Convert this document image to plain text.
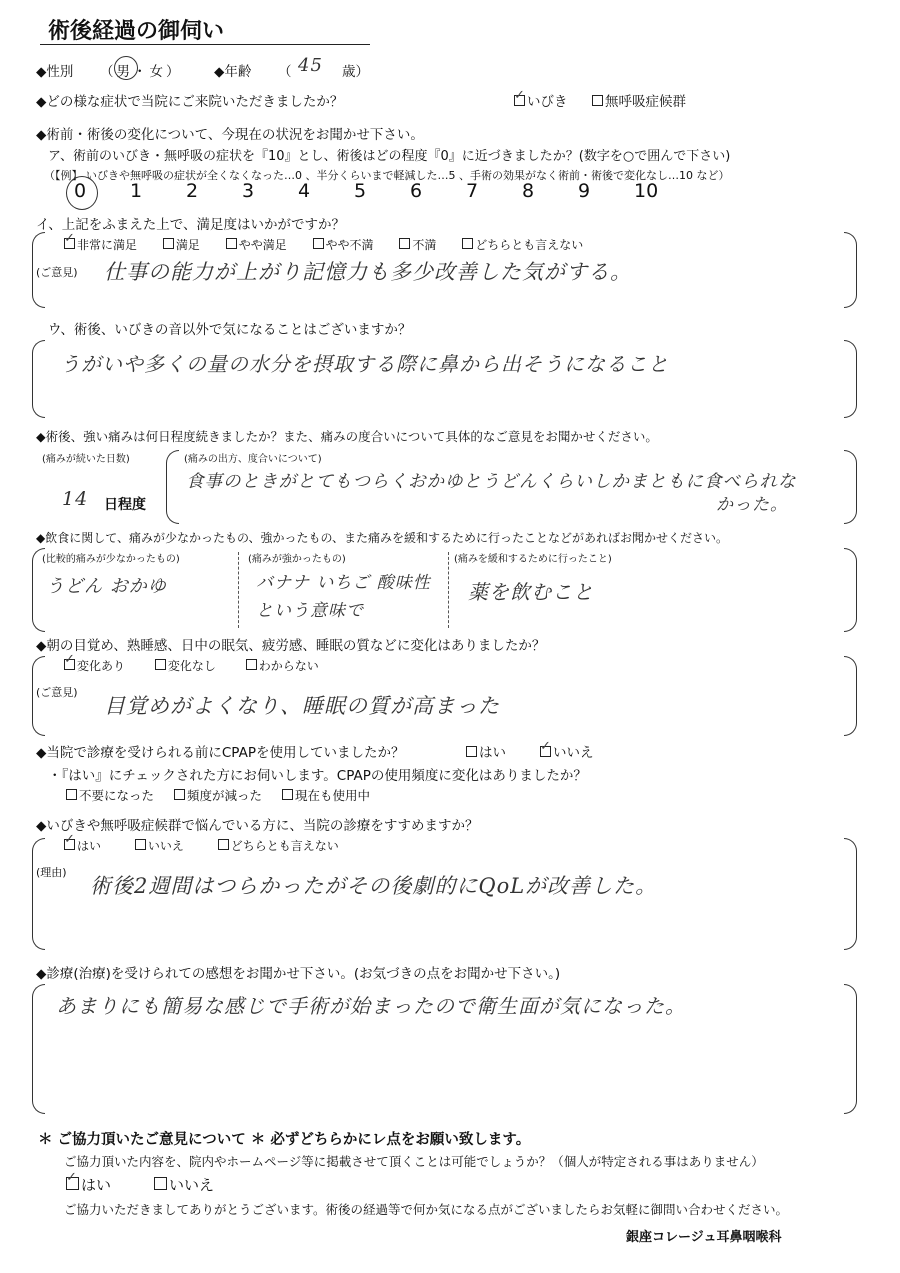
術後経過の御伺い
◆性別 （男・女） ◆年齢 （ 45 歳）
◆どの様な症状で当院にご来院いただきましたか？ ✓	いびき	無呼吸症候群
◆術前・術後の変化について、今現在の状況をお聞かせ下さい。
ア、術前のいびき・無呼吸の症状を『10』とし、術後はどの程度『0』に近づきましたか？(数字を○で囲んで下さい)
（【例】 いびきや無呼吸の症状が全くなくなった…0 、半分くらいまで軽減した…5 、手術の効果がなく術前・術後で変化なし…10 など）
0 1 2 3 4 5 6 7 8 9 10
イ、上記をふまえた上で、満足度はいかがですか？
✓非常に満足	満足	やや満足	やや不満	不満	どちらとも言えない
(ご意見) 仕事の能力が上がり記憶力も多少改善した気がする。
ウ、術後、いびきの音以外で気になることはございますか？
うがいや多くの量の水分を摂取する際に鼻から出そうになること
◆術後、強い痛みは何日程度続きましたか？また、痛みの度合いについて具体的なご意見をお聞かせください。
(痛みが続いた日数)
14 日程度
(痛みの出方、度合いについて)
食事のときがとてもつらくおかゆとうどんくらいしかまともに食べられな
かった。
◆飲食に関して、痛みが少なかったもの、強かったもの、また痛みを緩和するために行ったことなどがあればお聞かせください。
(比較的痛みが少なかったもの)
うどん おかゆ
(痛みが強かったもの)
バナナ いちご 酸味性
という意味で
(痛みを緩和するために行ったこと)
薬を飲むこと
◆朝の目覚め、熟睡感、日中の眠気、疲労感、睡眠の質などに変化はありましたか？
✓変化あり	変化なし	わからない
(ご意見)
目覚めがよくなり、睡眠の質が高まった
◆当院で診療を受けられる前にCPAPを使用していましたか？	はい ✓	いいえ
・『はい』にチェックされた方にお伺いします。CPAPの使用頻度に変化はありましたか？
不要になった	頻度が減った	現在も使用中
◆いびきや無呼吸症候群で悩んでいる方に、当院の診療をすすめますか？
✓はい	いいえ	どちらとも言えない
(理由)
術後2週間はつらかったがその後劇的にQoLが改善した。
◆診療(治療)を受けられての感想をお聞かせ下さい。(お気づきの点をお聞かせ下さい。)
あまりにも簡易な感じで手術が始まったので衛生面が気になった。
＊ ご協力頂いたご意見について ＊ 必ずどちらかにレ点をお願い致します。
ご協力頂いた内容を、院内やホームページ等に掲載させて頂くことは可能でしょうか？（個人が特定される事はありません）
✓はい	いいえ
ご協力いただきましてありがとうございます。術後の経過等で何か気になる点がございましたらお気軽に御問い合わせください。
銀座コレージュ耳鼻咽喉科
